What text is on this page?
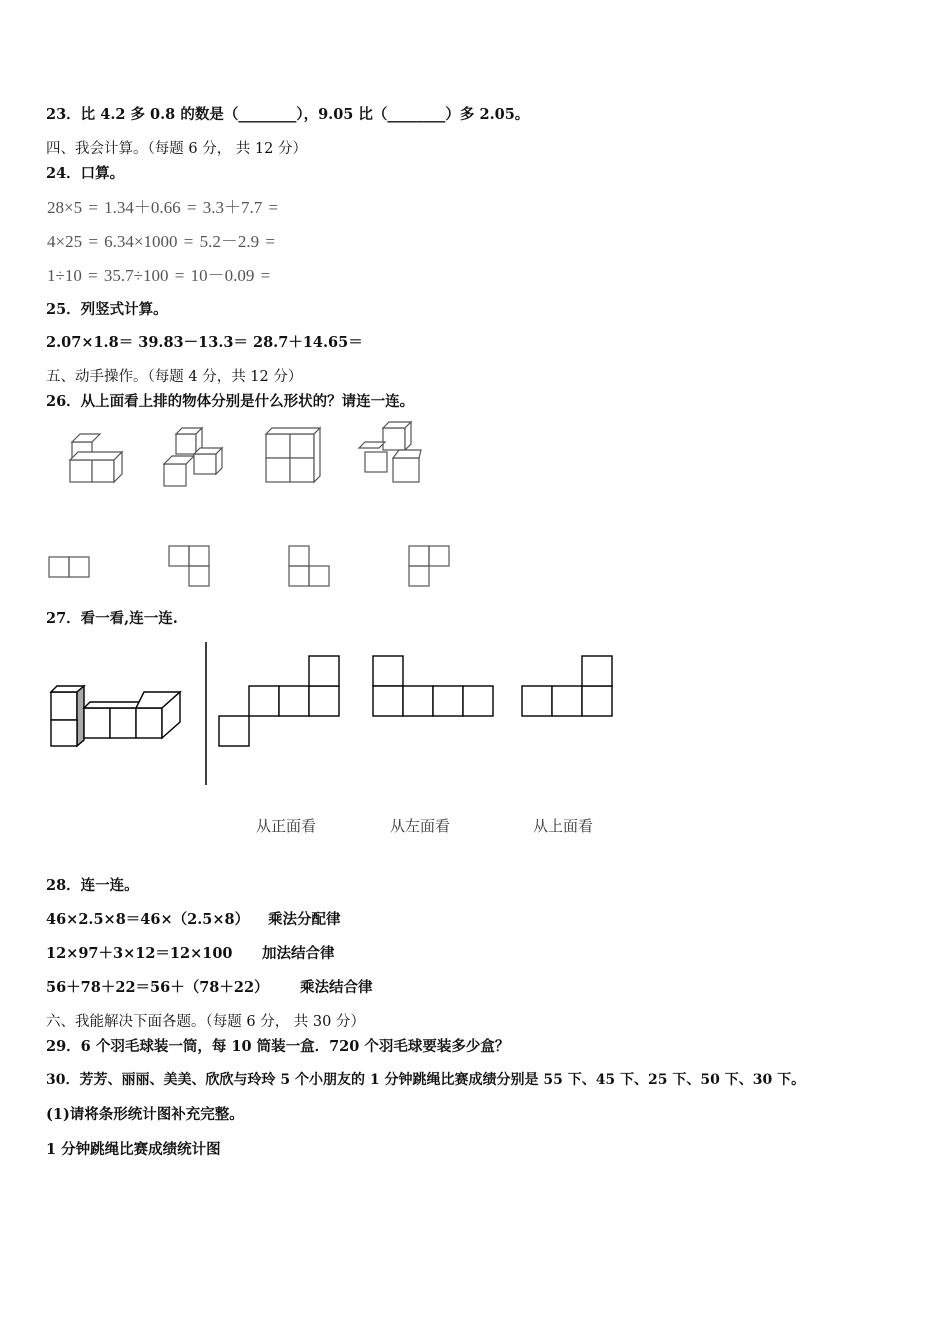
23．比 4.2 多 0.8 的数是（________），9.05 比（________）多 2.05。
四、我会计算。（每题 6 分， 共 12 分）
24．口算。
28×5 = 1.34＋0.66 = 3.3＋7.7 =
4×25 = 6.34×1000 = 5.2－2.9 =
1÷10 = 35.7÷100 = 10－0.09 =
25．列竖式计算。
2.07×1.8＝ 39.83－13.3＝ 28.7＋14.65＝
五、动手操作。（每题 4 分，共 12 分）
26．从上面看上排的物体分别是什么形状的？请连一连。
27．看一看,连一连.
从正面看	从左面看	从上面看
28．连一连。
46×2.5×8＝46×（2.5×8） 乘法分配律
12×97＋3×12＝12×100 加法结合律
56＋78＋22＝56＋（78＋22） 乘法结合律
六、我能解决下面各题。（每题 6 分， 共 30 分）
29．6 个羽毛球装一筒，每 10 筒装一盒．720 个羽毛球要装多少盒？
30．芳芳、丽丽、美美、欣欣与玲玲 5 个小朋友的 1 分钟跳绳比赛成绩分别是 55 下、45 下、25 下、50 下、30 下。
(1)请将条形统计图补充完整。
1 分钟跳绳比赛成绩统计图
